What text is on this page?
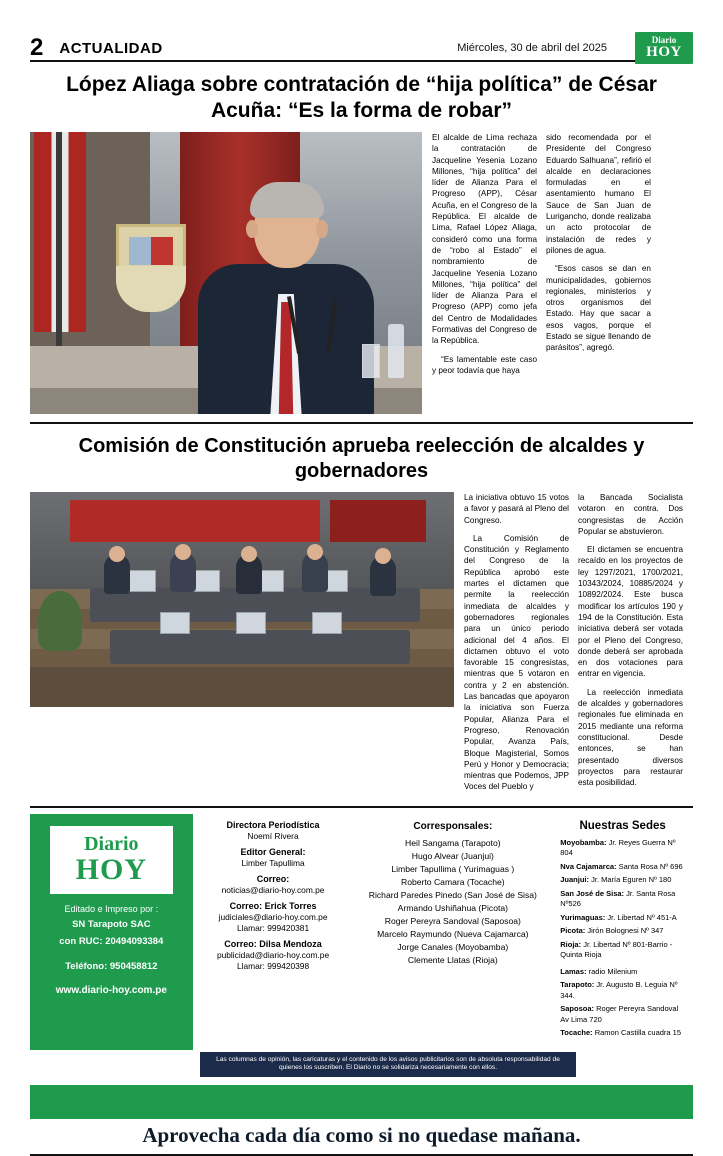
2 ACTUALIDAD	Miércoles, 30 de abril del 2025
Diario
HOY
López Aliaga sobre contratación de “hija política” de César Acuña: “Es la forma de robar”

El alcalde de Lima rechaza la contratación de Jacqueline Yesenia Lozano Millones, “hija política” del líder de Alianza Para el Progreso (APP), César Acuña, en el Congreso de la República. El alcalde de Lima, Rafael López Aliaga, consideró como una forma de “robo al Estado” el nombramiento de Jacqueline Yesenia Lozano Millones, “hija política” del líder de Alianza Para el Progreso (APP) como jefa del Centro de Modalidades Formativas del Congreso de la República.

“Es lamentable este caso y peor todavía que haya

sido recomendada por el Presidente del Congreso Eduardo Salhuana”, refirió el alcalde en declaraciones formuladas en el asentamiento humano El Sauce de San Juan de Lurigancho, donde realizaba un acto protocolar de instalación de redes y pilones de agua.

“Esos casos se dan en municipalidades, gobiernos regionales, ministerios y otros organismos del Estado. Hay que sacar a esos vagos, porque el Estado se sigue llenando de parásitos”, agregó.

Comisión de Constitución aprueba reelección de alcaldes y gobernadores

La iniciativa obtuvo 15 votos a favor y pasará al Pleno del Congreso.

La Comisión de Constitución y Reglamento del Congreso de la República aprobó este martes el dictamen que permite la reelección inmediata de alcaldes y gobernadores regionales para un único periodo adicional del 4 años. El dictamen obtuvo el voto favorable 15 congresistas, mientras que 5 votaron en contra y 2 en abstención. Las bancadas que apoyaron la iniciativa son Fuerza Popular, Alianza Para el Progreso, Renovación Popular, Avanza País, Bloque Magisterial, Somos Perú y Honor y Democracia; mientras que Podemos, JPP Voces del Pueblo y

la Bancada Socialista votaron en contra. Dos congresistas de Acción Popular se abstuvieron.

El dictamen se encuentra recaído en los proyectos de ley 1297/2021, 1700/2021, 10343/2024, 10885/2024 y 10892/2024. Este busca modificar los artículos 190 y 194 de la Constitución. Esta iniciativa deberá ser votada por el Pleno del Congreso, donde deberá ser aprobada en dos votaciones para entrar en vigencia.

La reelección inmediata de alcaldes y gobernadores regionales fue eliminada en 2015 mediante una reforma constitucional. Desde entonces, se han presentado diversos proyectos para restaurar esta posibilidad.

Diario
HOY
Editado e Impreso por :
SN Tarapoto SAC
con RUC: 20494093384
Teléfono: 950458812
www.diario-hoy.com.pe
Directora Periodística
Noemí Rivera
Editor General:
Limber Tapullima
Correo:
noticias@diario-hoy.com.pe
Correo: Erick Torres
judiciales@diario-hoy.com.pe
Llamar: 999420381
Correo: Dilsa Mendoza
publicidad@diario-hoy.com.pe
Llamar: 999420398
Corresponsales:
Heil Sangama (Tarapoto)
Hugo Alvear (Juanjui)
Limber Tapullima ( Yurimaguas )
Roberto Camara (Tocache)
Richard Paredes Pinedo (San José de Sisa)
Armando Ushiñahua (Picota)
Roger Pereyra Sandoval (Saposoa)
Marcelo Raymundo (Nueva Cajamarca)
Jorge Canales (Moyobamba)
Clemente Llatas (Rioja)
Nuestras Sedes
Moyobamba: Jr. Reyes Guerra Nº 804
Nva Cajamarca: Santa Rosa Nº 696
Juanjui: Jr. María Eguren Nº 180
San José de Sisa: Jr. Santa Rosa Nº526
Yurimaguas: Jr. Libertad Nº 451-A
Picota: Jirón Bolognesi Nº 347
Rioja: Jr. Libertad Nº 801-Barrio - Quinta Rioja
Lamas: radio Milenium
Tarapoto: Jr. Augusto B. Leguia Nº 344.
Saposoa: Roger Pereyra Sandoval Av Lima 720
Tocache: Ramon Castilla cuadra 15
Las columnas de opinión, las caricaturas y el contenido de los avisos publicitarios son de absoluta responsabilidad de quienes los suscriben. El Diario no se solidariza necesariamente con ellos.
Aprovecha cada día como si no quedase mañana.
